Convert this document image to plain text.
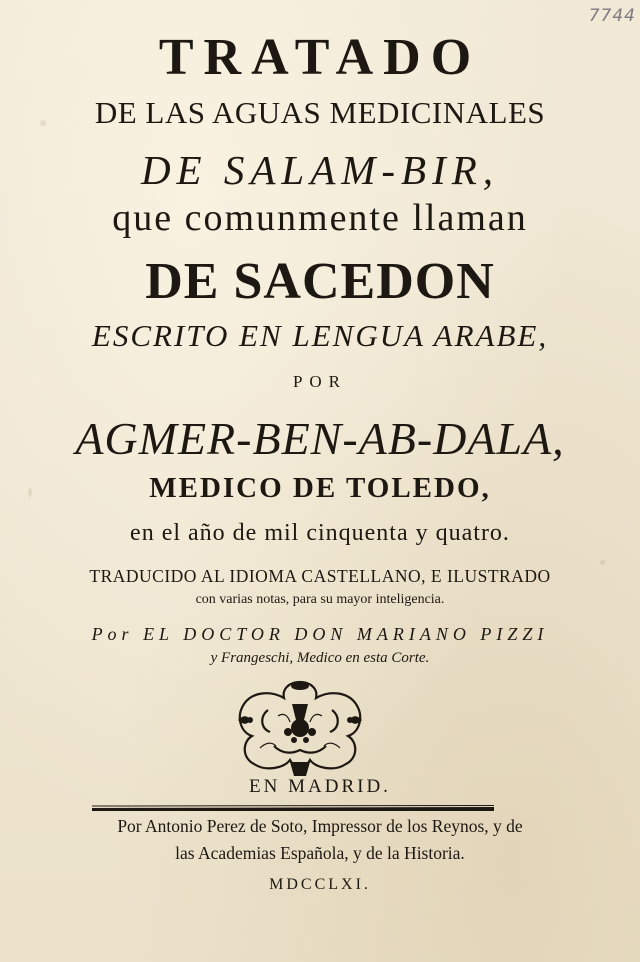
7744
TRATADO
DE LAS AGUAS MEDICINALES
DE SALAM-BIR,
que comunmente llaman
DE SACEDON
ESCRITO EN LENGUA ARABE,
POR
AGMER-BEN-AB-DALA,
MEDICO DE TOLEDO,
en el año de mil cinquenta y quatro.
TRADUCIDO AL IDIOMA CASTELLANO, E ILUSTRADO
con varias notas, para su mayor inteligencia.
Por EL DOCTOR DON MARIANO PIZZI
y Frangeschi, Medico en esta Corte.
EN MADRID.
Por Antonio Perez de Soto, Impressor de los Reynos, y de
las Academias Española, y de la Historia.
MDCCLXI.
